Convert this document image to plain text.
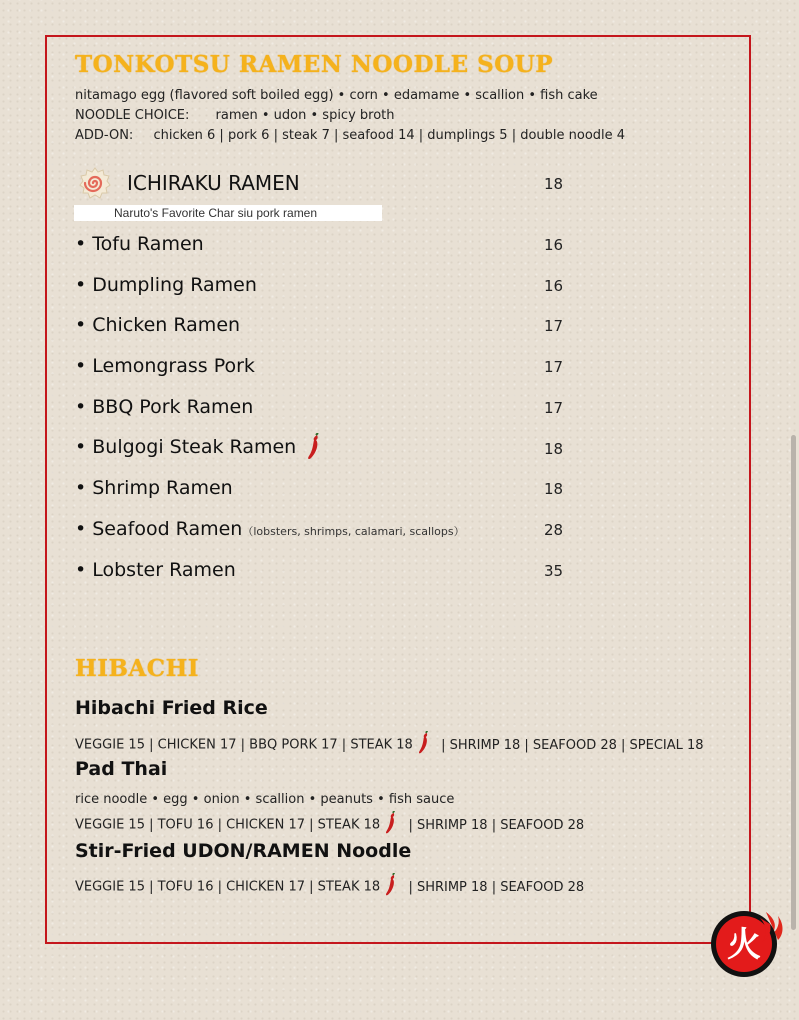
TONKOTSU RAMEN NOODLE SOUP
nitamago egg (flavored soft boiled egg) • corn • edamame • scallion • fish cake
NOODLE CHOICE: ramen • udon • spicy broth
ADD-ON: chicken 6 | pork 6 | steak 7 | seafood 14 | dumplings 5 | double noodle 4
ICHIRAKU RAMEN	18
Naruto's Favorite Char siu pork ramen
• Tofu Ramen	16
• Dumpling Ramen	16
• Chicken Ramen	17
• Lemongrass Pork	17
• BBQ Pork Ramen	17
• Bulgogi Steak Ramen	18
• Shrimp Ramen	18
• Seafood Ramen（lobsters, shrimps, calamari, scallops）	28
• Lobster Ramen	35
HIBACHI
Hibachi Fried Rice
VEGGIE 15 | CHICKEN 17 | BBQ PORK 17 | STEAK 18 | SHRIMP 18 | SEAFOOD 28 | SPECIAL 18
Pad Thai
rice noodle • egg • onion • scallion • peanuts • fish sauce
VEGGIE 15 | TOFU 16 | CHICKEN 17 | STEAK 18 | SHRIMP 18 | SEAFOOD 28
Stir-Fried UDON/RAMEN Noodle
VEGGIE 15 | TOFU 16 | CHICKEN 17 | STEAK 18 | SHRIMP 18 | SEAFOOD 28
火
